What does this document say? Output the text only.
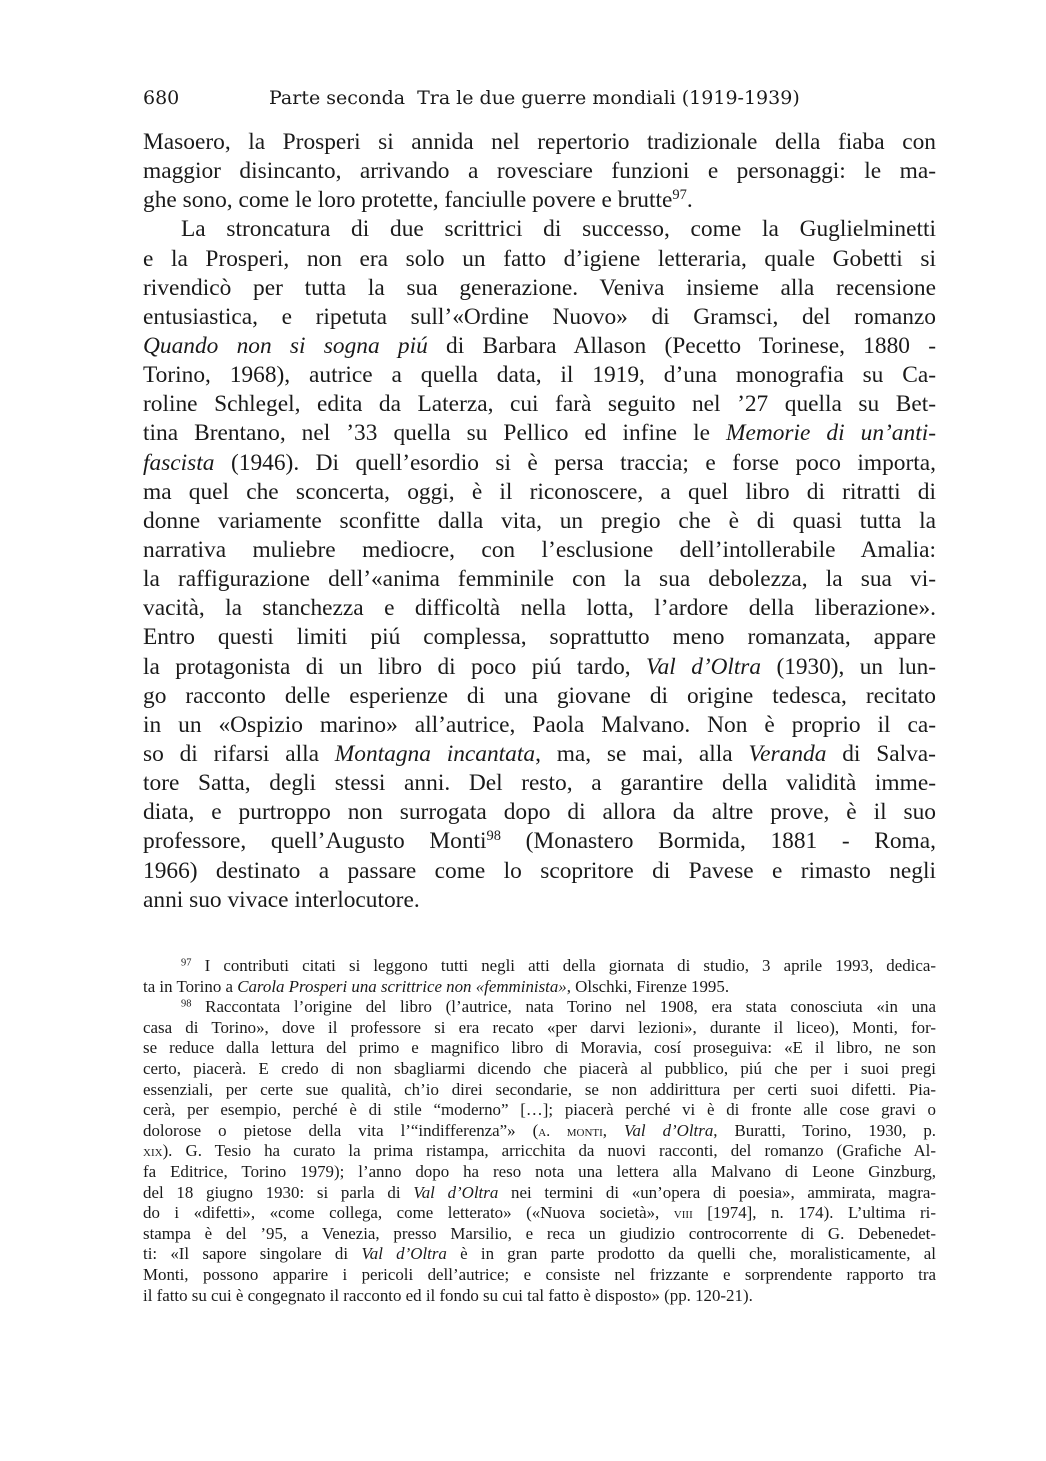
680	Parte seconda Tra le due guerre mondiali (1919-1939)
Masoero, la Prosperi si annida nel repertorio tradizionale della fiaba con
maggior disincanto, arrivando a rovesciare funzioni e personaggi: le ma-
ghe sono, come le loro protette, fanciulle povere e brutte$^{97}$.
La stroncatura di due scrittrici di successo, come la Guglielminetti
e la Prosperi, non era solo un fatto d’igiene letteraria, quale Gobetti si
rivendicò per tutta la sua generazione. Veniva insieme alla recensione
entusiastica, e ripetuta sull’«Ordine Nuovo» di Gramsci, del romanzo
Quando non si sogna piú di Barbara Allason (Pecetto Torinese, 1880 -
Torino, 1968), autrice a quella data, il 1919, d’una monografia su Ca-
roline Schlegel, edita da Laterza, cui farà seguito nel ’27 quella su Bet-
tina Brentano, nel ’33 quella su Pellico ed infine le Memorie di un’anti-
fascista (1946). Di quell’esordio si è persa traccia; e forse poco importa,
ma quel che sconcerta, oggi, è il riconoscere, a quel libro di ritratti di
donne variamente sconfitte dalla vita, un pregio che è di quasi tutta la
narrativa muliebre mediocre, con l’esclusione dell’intollerabile Amalia:
la raffigurazione dell’«anima femminile con la sua debolezza, la sua vi-
vacità, la stanchezza e difficoltà nella lotta, l’ardore della liberazione».
Entro questi limiti piú complessa, soprattutto meno romanzata, appare
la protagonista di un libro di poco piú tardo, Val d’Oltra (1930), un lun-
go racconto delle esperienze di una giovane di origine tedesca, recitato
in un «Ospizio marino» all’autrice, Paola Malvano. Non è proprio il ca-
so di rifarsi alla Montagna incantata, ma, se mai, alla Veranda di Salva-
tore Satta, degli stessi anni. Del resto, a garantire della validità imme-
diata, e purtroppo non surrogata dopo di allora da altre prove, è il suo
professore, quell’Augusto Monti$^{98}$ (Monastero Bormida, 1881 - Roma,
1966) destinato a passare come lo scopritore di Pavese e rimasto negli
anni suo vivace interlocutore.
$^{97}$ I contributi citati si leggono tutti negli atti della giornata di studio, 3 aprile 1993, dedica-
ta in Torino a Carola Prosperi una scrittrice non «femminista», Olschki, Firenze 1995.
$^{98}$ Raccontata l’origine del libro (l’autrice, nata Torino nel 1908, era stata conosciuta «in una
casa di Torino», dove il professore si era recato «per darvi lezioni», durante il liceo), Monti, for-
se reduce dalla lettura del primo e magnifico libro di Moravia, cosí proseguiva: «E il libro, ne son
certo, piacerà. E credo di non sbagliarmi dicendo che piacerà al pubblico, piú che per i suoi pregi
essenziali, per certe sue qualità, ch’io direi secondarie, se non addirittura per certi suoi difetti. Pia-
cerà, per esempio, perché è di stile “moderno” […]; piacerà perché vi è di fronte alle cose gravi o
dolorose o pietose della vita l’“indifferenza”» (a. monti, Val d’Oltra, Buratti, Torino, 1930, p.
xix). G. Tesio ha curato la prima ristampa, arricchita da nuovi racconti, del romanzo (Grafiche Al-
fa Editrice, Torino 1979); l’anno dopo ha reso nota una lettera alla Malvano di Leone Ginzburg,
del 18 giugno 1930: si parla di Val d’Oltra nei termini di «un’opera di poesia», ammirata, magra-
do i «difetti», «come collega, come letterato» («Nuova società», viii [1974], n. 174). L’ultima ri-
stampa è del ’95, a Venezia, presso Marsilio, e reca un giudizio controcorrente di G. Debenedet-
ti: «Il sapore singolare di Val d’Oltra è in gran parte prodotto da quelli che, moralisticamente, al
Monti, possono apparire i pericoli dell’autrice; e consiste nel frizzante e sorprendente rapporto tra
il fatto su cui è congegnato il racconto ed il fondo su cui tal fatto è disposto» (pp. 120-21).
